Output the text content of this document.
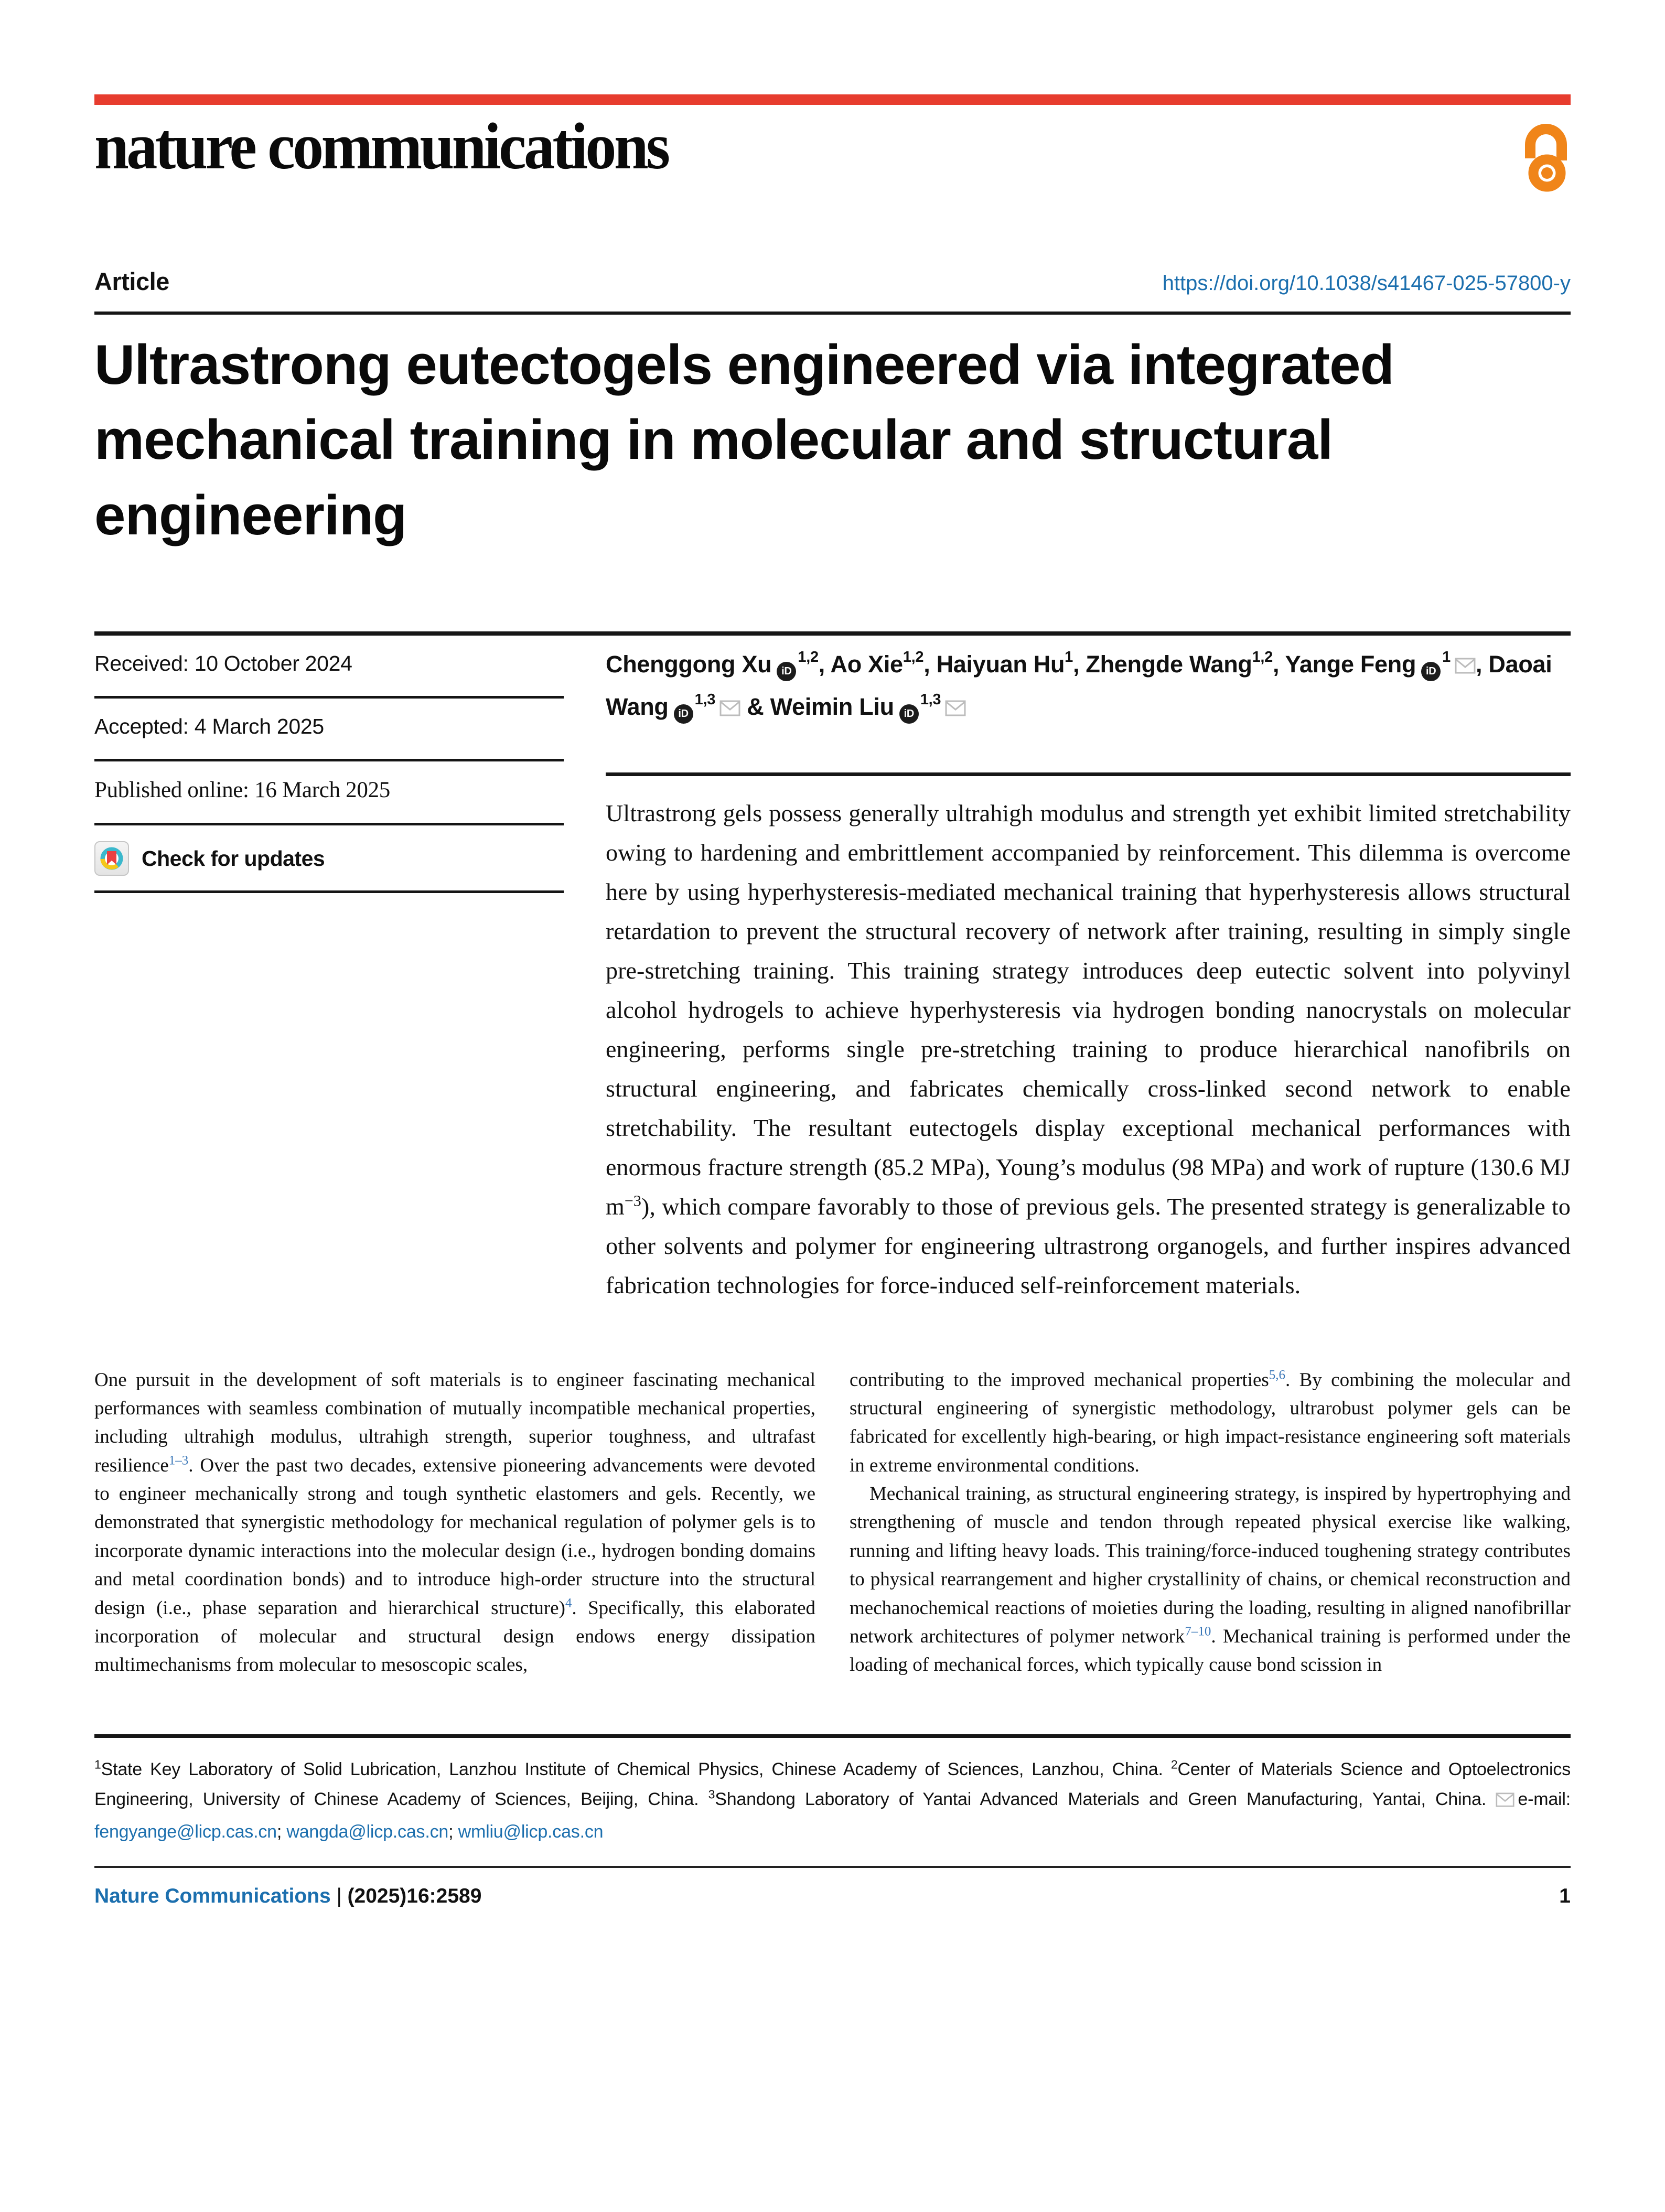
nature communications
Article	https://doi.org/10.1038/s41467-025-57800-y
Ultrastrong eutectogels engineered via integrated mechanical training in molecular and structural engineering
Received: 10 October 2024
Accepted: 4 March 2025
Published online: 16 March 2025
Check for updates

Chenggong XuiD $^{1,2}$, Ao Xie$^{1,2}$, Haiyuan Hu$^1$, Zhengde Wang$^{1,2}$, Yange FengiD $^1$ , Daoai WangiD $^{1,3}$ & Weimin LiuiD $^{1,3}$

Ultrastrong gels possess generally ultrahigh modulus and strength yet exhibit limited stretchability owing to hardening and embrittlement accompanied by reinforcement. This dilemma is overcome here by using hyperhysteresis-mediated mechanical training that hyperhysteresis allows structural retardation to prevent the structural recovery of network after training, resulting in simply single pre-stretching training. This training strategy introduces deep eutectic solvent into polyvinyl alcohol hydrogels to achieve hyperhysteresis via hydrogen bonding nanocrystals on molecular engineering, performs single pre-stretching training to produce hierarchical nanofibrils on structural engineering, and fabricates chemically cross-linked second network to enable stretchability. The resultant eutectogels display exceptional mechanical performances with enormous fracture strength (85.2 MPa), Young’s modulus (98 MPa) and work of rupture (130.6 MJ $m^{-3}$), which compare favorably to those of previous gels. The presented strategy is generalizable to other solvents and polymer for engineering ultrastrong organogels, and further inspires advanced fabrication technologies for force-induced self-reinforcement materials.

One pursuit in the development of soft materials is to engineer fascinating mechanical performances with seamless combination of mutually incompatible mechanical properties, including ultrahigh modulus, ultrahigh strength, superior toughness, and ultrafast resilience$^{1-3}$. Over the past two decades, extensive pioneering advancements were devoted to engineer mechanically strong and tough synthetic elastomers and gels. Recently, we demonstrated that synergistic methodology for mechanical regulation of polymer gels is to incorporate dynamic interactions into the molecular design (i.e., hydrogen bonding domains and metal coordination bonds) and to introduce high-order structure into the structural design (i.e., phase separation and hierarchical structure)$^4$. Specifically, this elaborated incorporation of molecular and structural design endows energy dissipation multimechanisms from molecular to mesoscopic scales,

contributing to the improved mechanical properties$^{5,6}$. By combining the molecular and structural engineering of synergistic methodology, ultrarobust polymer gels can be fabricated for excellently high-bearing, or high impact-resistance engineering soft materials in extreme environmental conditions.

Mechanical training, as structural engineering strategy, is inspired by hypertrophying and strengthening of muscle and tendon through repeated physical exercise like walking, running and lifting heavy loads. This training/force-induced toughening strategy contributes to physical rearrangement and higher crystallinity of chains, or chemical reconstruction and mechanochemical reactions of moieties during the loading, resulting in aligned nanofibrillar network architectures of polymer network$^{7-10}$. Mechanical training is performed under the loading of mechanical forces, which typically cause bond scission in

$^1$State Key Laboratory of Solid Lubrication, Lanzhou Institute of Chemical Physics, Chinese Academy of Sciences, Lanzhou, China. $^2$Center of Materials Science and Optoelectronics Engineering, University of Chinese Academy of Sciences, Beijing, China. $^3$Shandong Laboratory of Yantai Advanced Materials and Green Manufacturing, Yantai, China. e-mail: fengyange@licp.cas.cn; wangda@licp.cas.cn; wmliu@licp.cas.cn

Nature Communications | (2025)16:2589	1
